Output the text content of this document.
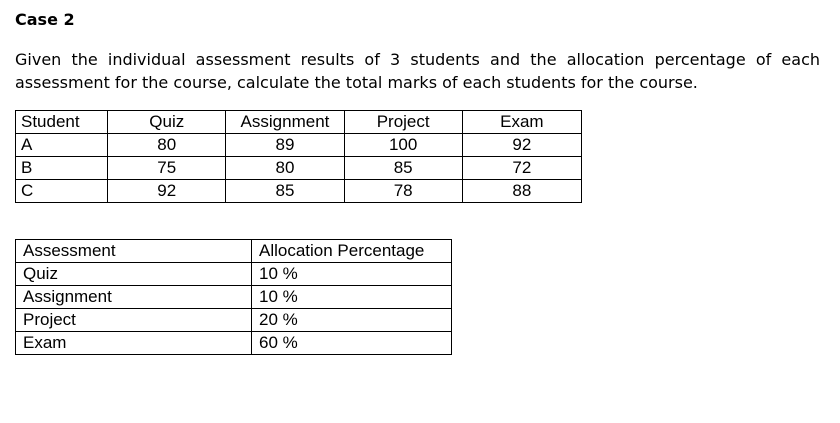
Case 2

Given the individual assessment results of 3 students and the allocation percentage of each assessment for the course, calculate the total marks of each students for the course.

Student	Quiz	Assignment	Project	Exam
A	80	89	100	92
B	75	80	85	72
C	92	85	78	88
Assessment	Allocation Percentage
Quiz	10 %
Assignment	10 %
Project	20 %
Exam	60 %
